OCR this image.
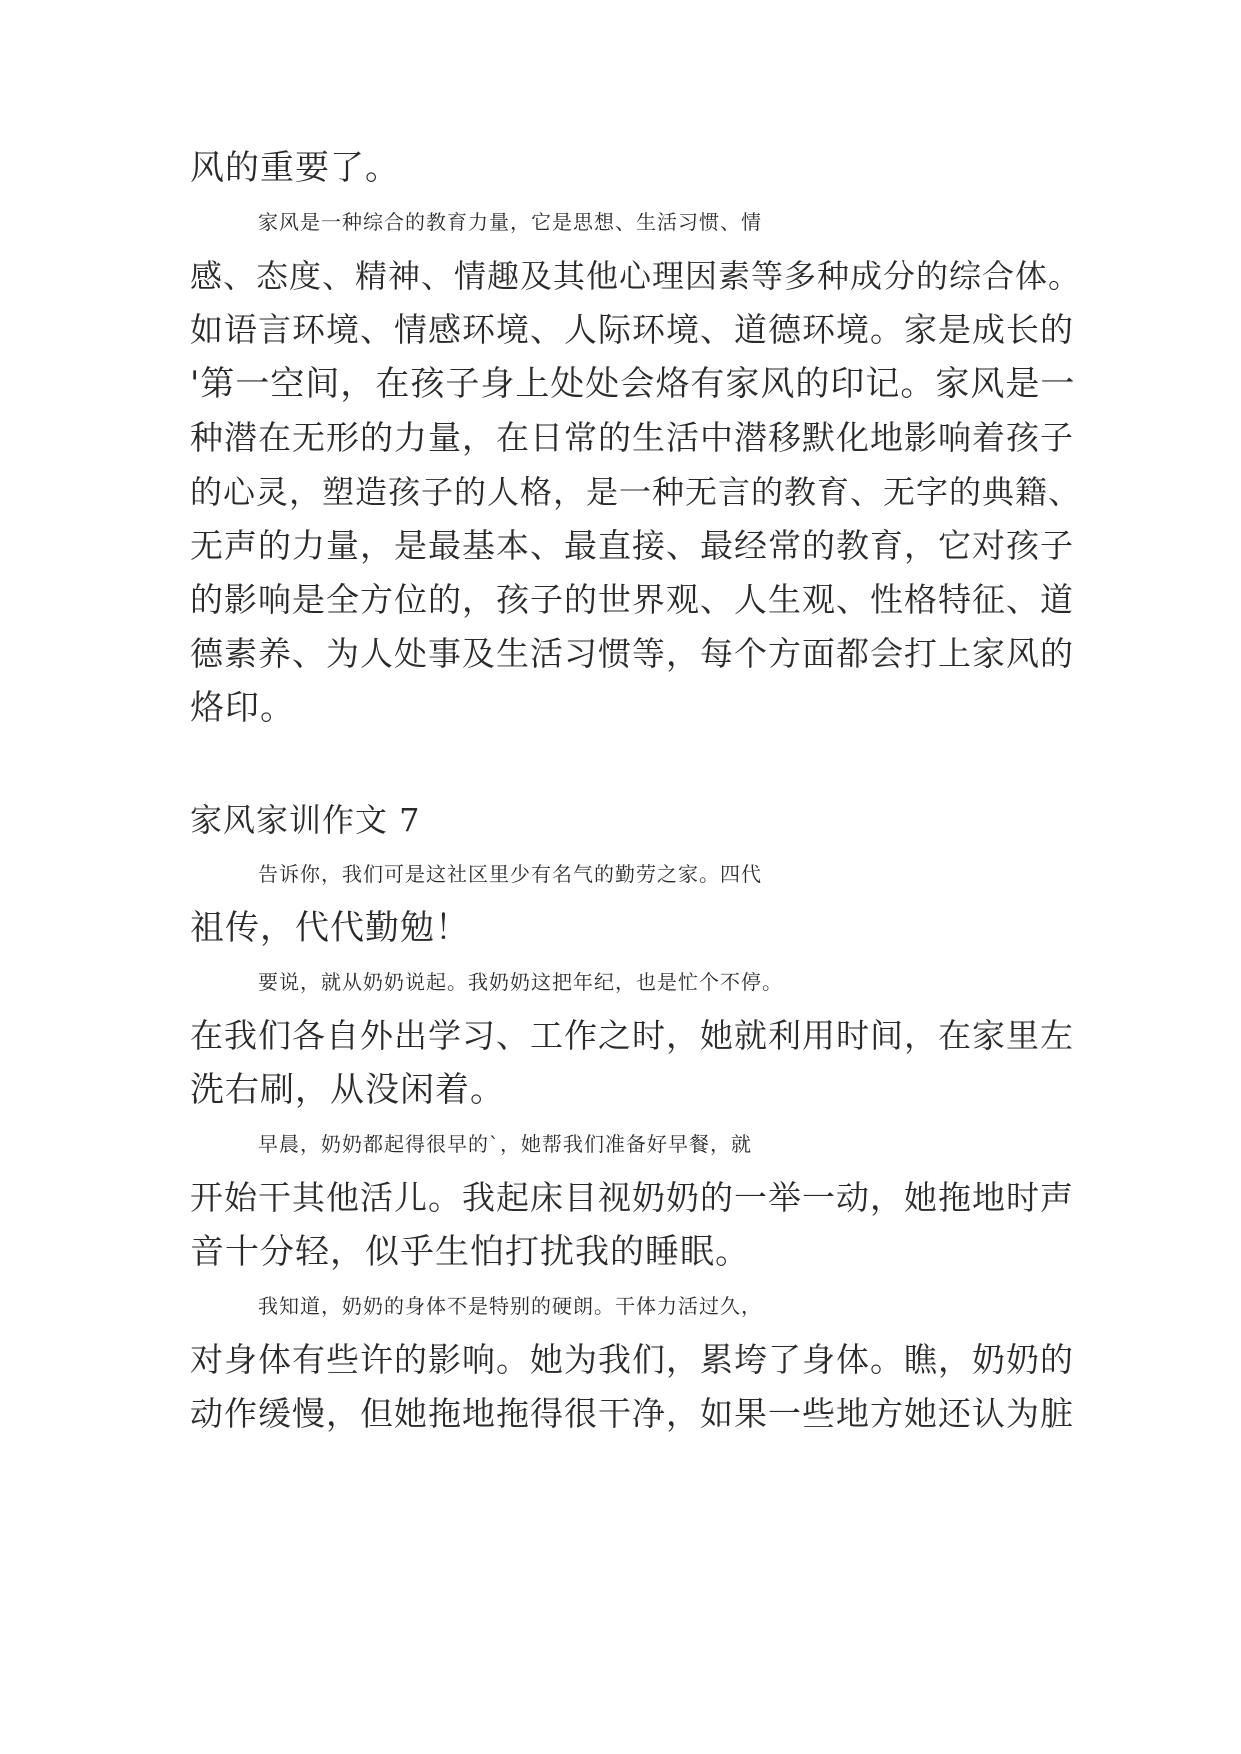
风的重要了。
家风是一种综合的教育力量，它是思想、生活习惯、情
感、态度、精神、情趣及其他心理因素等多种成分的综合体。
如语言环境、情感环境、人际环境、道德环境。家是成长的
'第一空间，在孩子身上处处会烙有家风的印记。家风是一
种潜在无形的力量，在日常的生活中潜移默化地影响着孩子
的心灵，塑造孩子的人格，是一种无言的教育、无字的典籍、
无声的力量，是最基本、最直接、最经常的教育，它对孩子
的影响是全方位的，孩子的世界观、人生观、性格特征、道
德素养、为人处事及生活习惯等，每个方面都会打上家风的
烙印。
家风家训作文 7
告诉你，我们可是这社区里少有名气的勤劳之家。四代
祖传，代代勤勉！
要说，就从奶奶说起。我奶奶这把年纪，也是忙个不停。
在我们各自外出学习、工作之时，她就利用时间，在家里左
洗右刷，从没闲着。
早晨，奶奶都起得很早的`，她帮我们准备好早餐，就
开始干其他活儿。我起床目视奶奶的一举一动，她拖地时声
音十分轻，似乎生怕打扰我的睡眠。
我知道，奶奶的身体不是特别的硬朗。干体力活过久，
对身体有些许的影响。她为我们，累垮了身体。瞧，奶奶的
动作缓慢，但她拖地拖得很干净，如果一些地方她还认为脏
